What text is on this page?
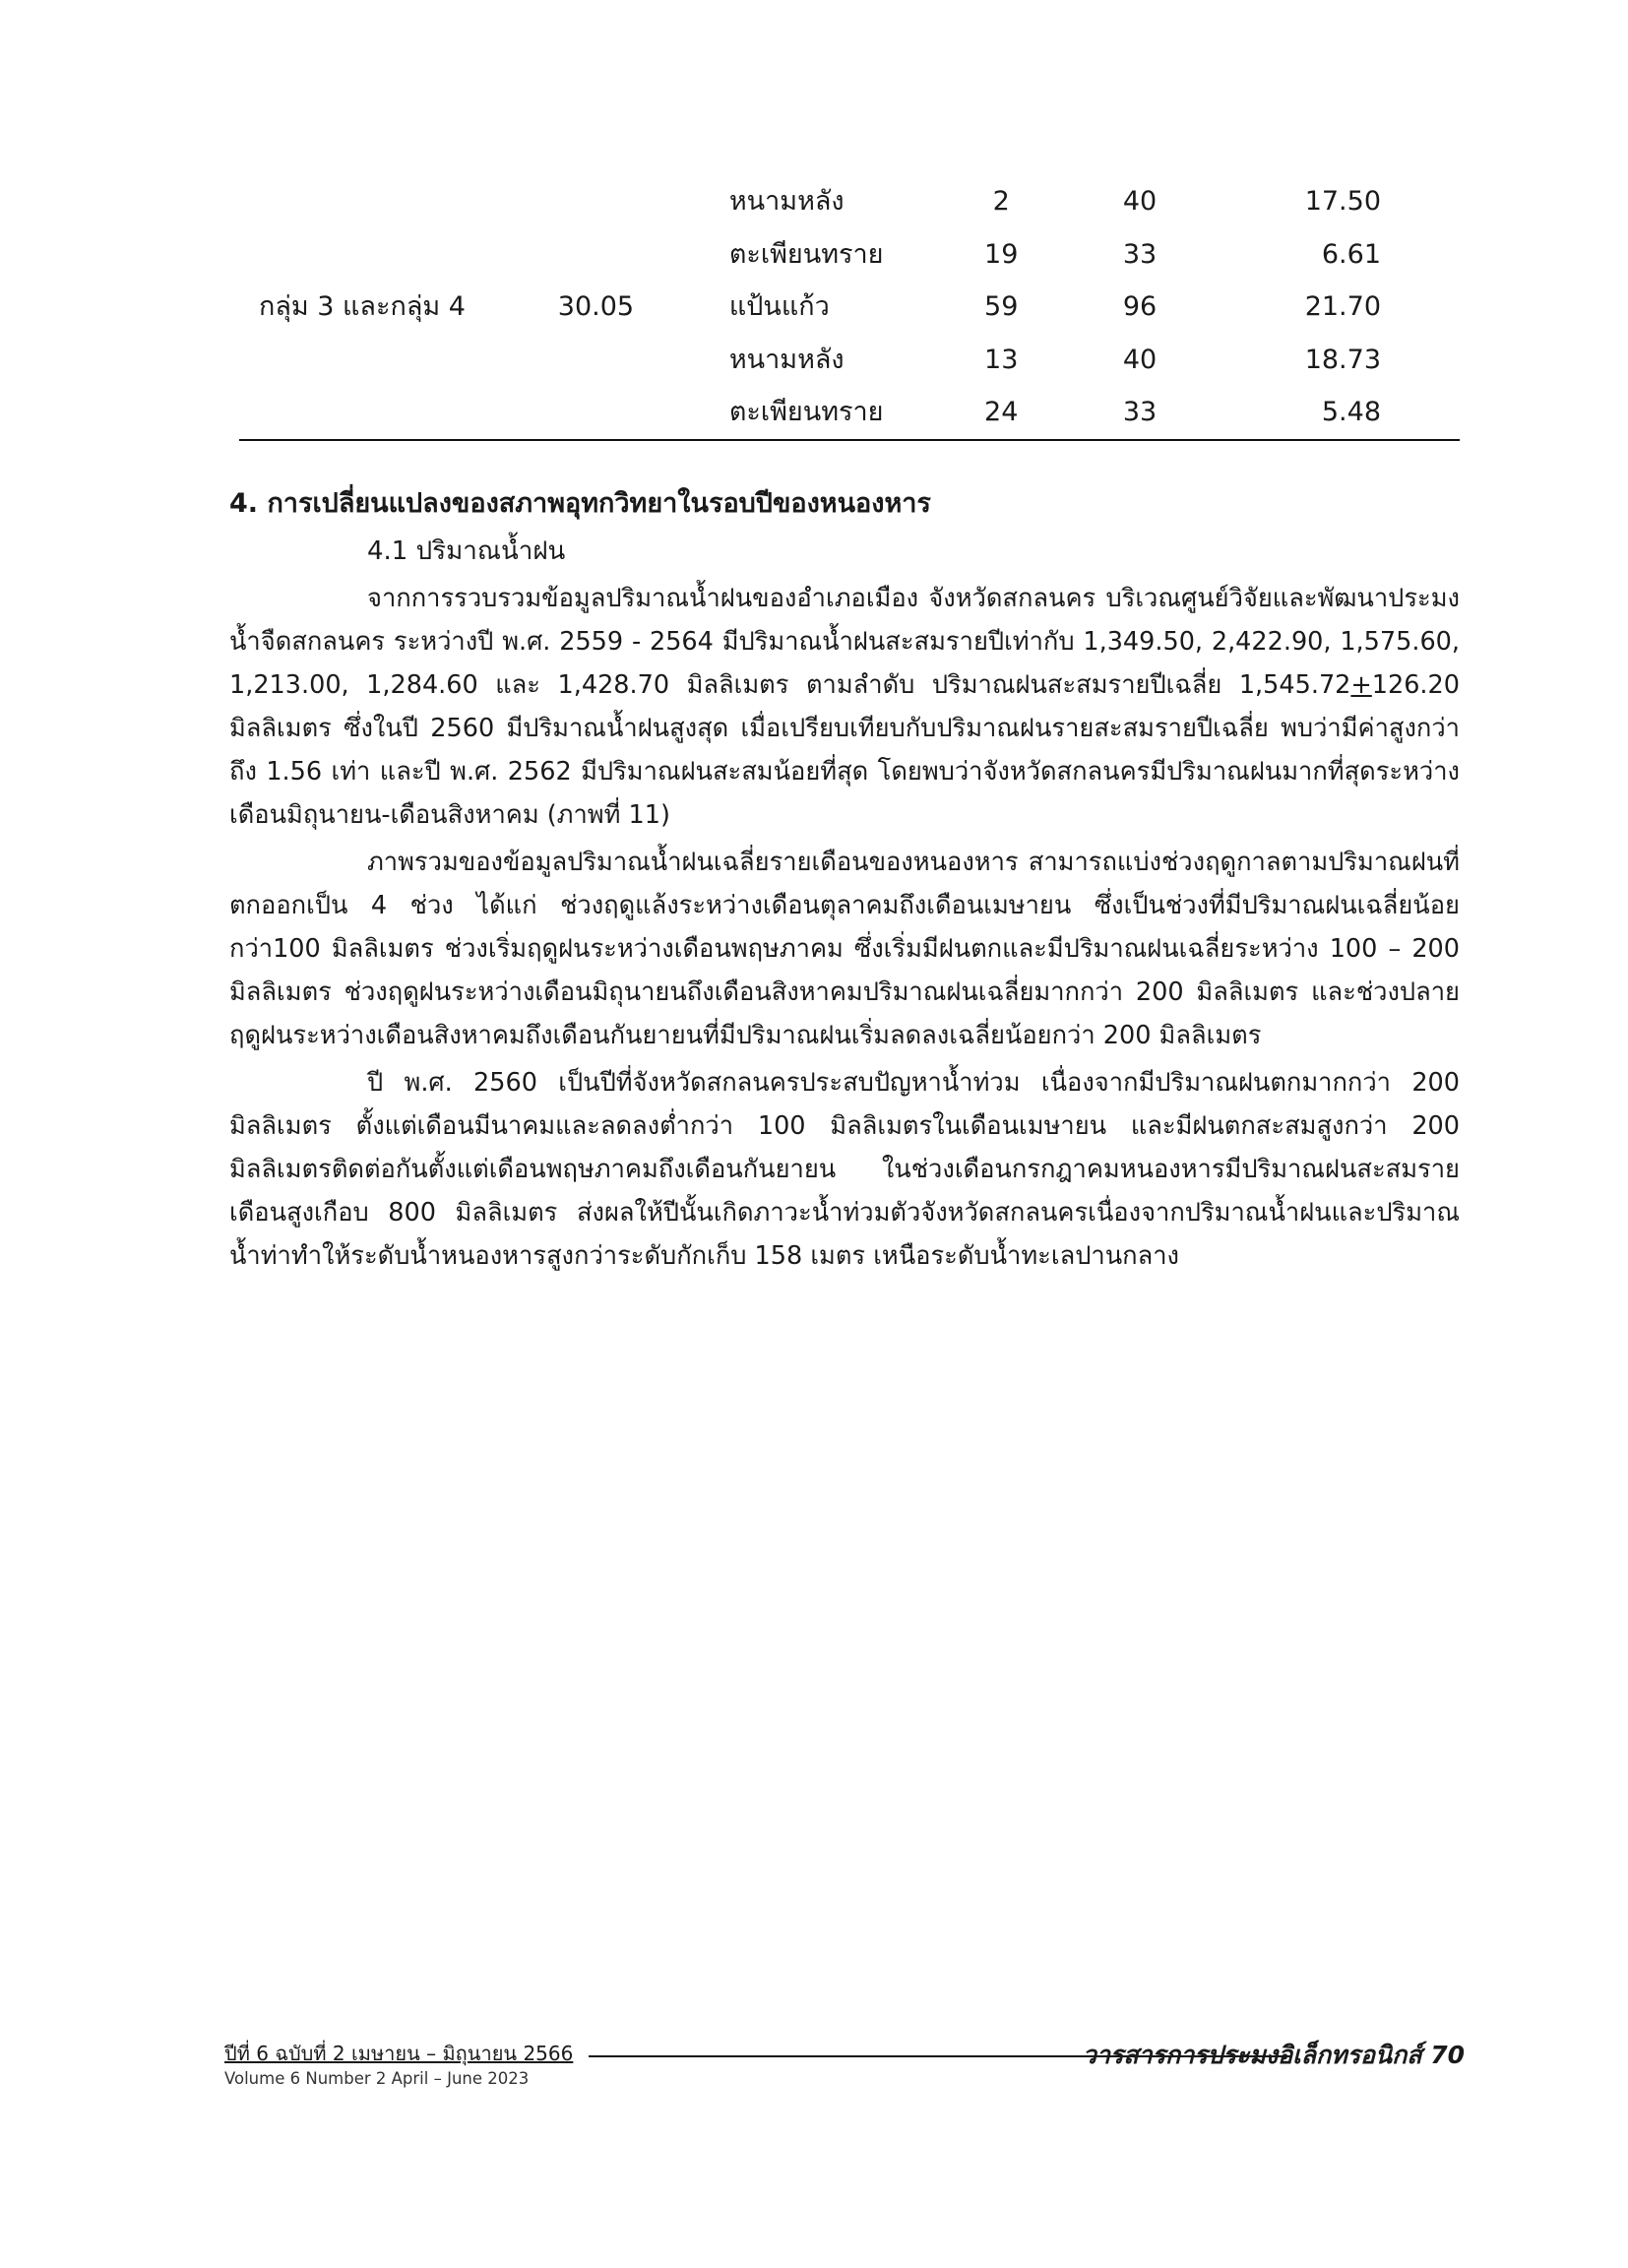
		หนามหลัง	2	40	17.50
		ตะเพียนทราย	19	33	6.61
กลุ่ม 3 และกลุ่ม 4	30.05	แป้นแก้ว	59	96	21.70
		หนามหลัง	13	40	18.73
		ตะเพียนทราย	24	33	5.48
4. การเปลี่ยนแปลงของสภาพอุทกวิทยาในรอบปีของหนองหาร
4.1 ปริมาณน้ำฝน

จากการรวบรวมข้อมูลปริมาณน้ำฝนของอำเภอเมือง จังหวัดสกลนคร บริเวณศูนย์วิจัยและพัฒนาประมงน้ำจืดสกลนคร ระหว่างปี พ.ศ. 2559 - 2564 มีปริมาณน้ำฝนสะสมรายปีเท่ากับ 1,349.50, 2,422.90, 1,575.60, 1,213.00, 1,284.60 และ 1,428.70 มิลลิเมตร ตามลำดับ ปริมาณฝนสะสมรายปีเฉลี่ย 1,545.72+126.20 มิลลิเมตร ซึ่งในปี 2560 มีปริมาณน้ำฝนสูงสุด เมื่อเปรียบเทียบกับปริมาณฝนรายสะสมรายปีเฉลี่ย พบว่ามีค่าสูงกว่าถึง 1.56 เท่า และปี พ.ศ. 2562 มีปริมาณฝนสะสมน้อยที่สุด โดยพบว่าจังหวัดสกลนครมีปริมาณฝนมากที่สุดระหว่างเดือนมิถุนายน-เดือนสิงหาคม (ภาพที่ 11)

ภาพรวมของข้อมูลปริมาณน้ำฝนเฉลี่ยรายเดือนของหนองหาร สามารถแบ่งช่วงฤดูกาลตามปริมาณฝนที่ตกออกเป็น 4 ช่วง ได้แก่ ช่วงฤดูแล้งระหว่างเดือนตุลาคมถึงเดือนเมษายน ซึ่งเป็นช่วงที่มีปริมาณฝนเฉลี่ยน้อยกว่า100 มิลลิเมตร ช่วงเริ่มฤดูฝนระหว่างเดือนพฤษภาคม ซึ่งเริ่มมีฝนตกและมีปริมาณฝนเฉลี่ยระหว่าง 100 – 200 มิลลิเมตร ช่วงฤดูฝนระหว่างเดือนมิถุนายนถึงเดือนสิงหาคมปริมาณฝนเฉลี่ยมากกว่า 200 มิลลิเมตร และช่วงปลายฤดูฝนระหว่างเดือนสิงหาคมถึงเดือนกันยายนที่มีปริมาณฝนเริ่มลดลงเฉลี่ยน้อยกว่า 200 มิลลิเมตร

ปี พ.ศ. 2560 เป็นปีที่จังหวัดสกลนครประสบปัญหาน้ำท่วม เนื่องจากมีปริมาณฝนตกมากกว่า 200 มิลลิเมตร ตั้งแต่เดือนมีนาคมและลดลงต่ำกว่า 100 มิลลิเมตรในเดือนเมษายน และมีฝนตกสะสมสูงกว่า 200 มิลลิเมตรติดต่อกันตั้งแต่เดือนพฤษภาคมถึงเดือนกันยายน ในช่วงเดือนกรกฎาคมหนองหารมีปริมาณฝนสะสมรายเดือนสูงเกือบ 800 มิลลิเมตร ส่งผลให้ปีนั้นเกิดภาวะน้ำท่วมตัวจังหวัดสกลนครเนื่องจากปริมาณน้ำฝนและปริมาณน้ำท่าทำให้ระดับน้ำหนองหารสูงกว่าระดับกักเก็บ 158 เมตร เหนือระดับน้ำทะเลปานกลาง

ปีที่ 6 ฉบับที่ 2 เมษายน – มิถุนายน 2566
Volume 6 Number 2 April – June 2023
วารสารการประมงอิเล็กทรอนิกส์ 70
